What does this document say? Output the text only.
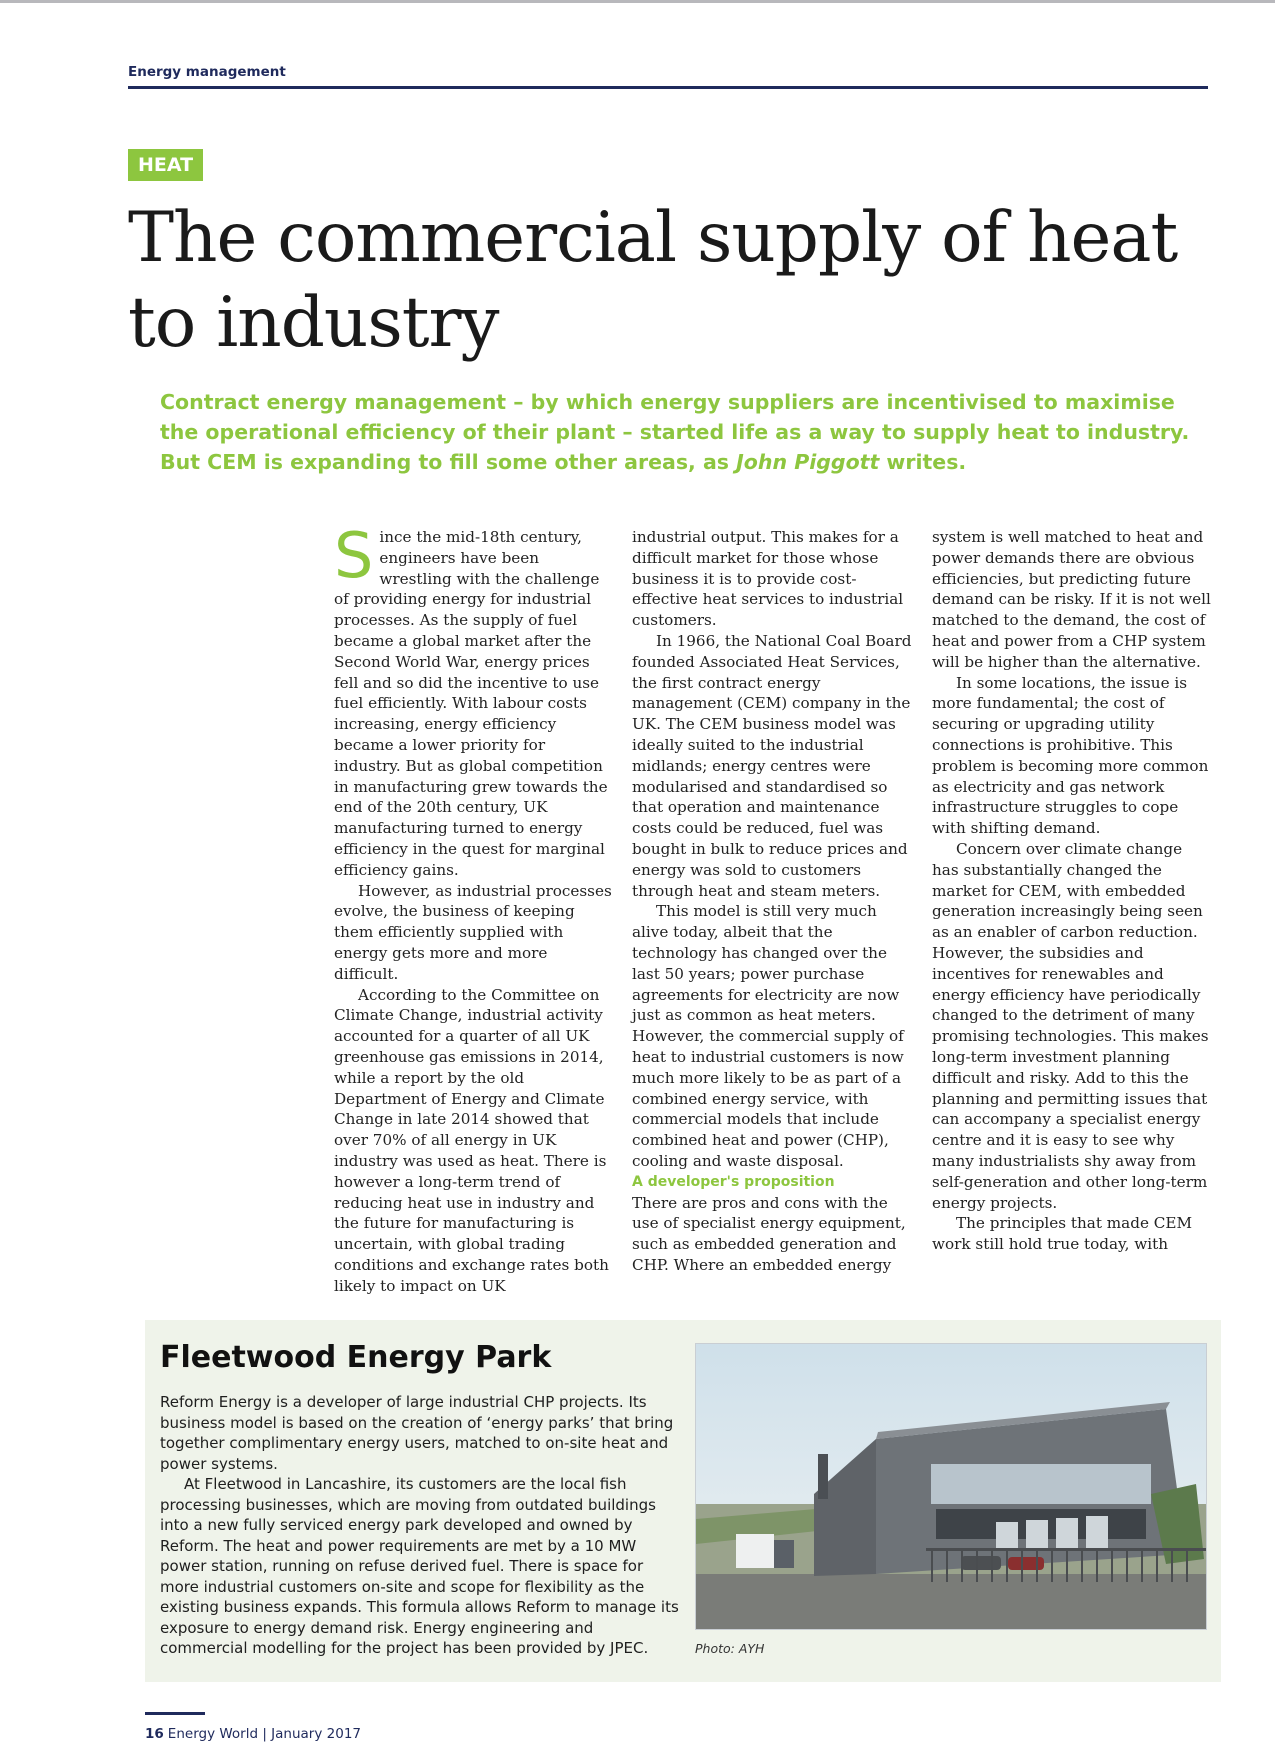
Energy management
HEAT
The commercial supply of heat to industry

Contract energy management – by which energy suppliers are incentivised to maximise the operational efficiency of their plant – started life as a way to supply heat to industry. But CEM is expanding to fill some other areas, as John Piggott writes.

Since the mid-18th century, engineers have been wrestling with the challenge of providing energy for industrial processes. As the supply of fuel became a global market after the Second World War, energy prices fell and so did the incentive to use fuel efficiently. With labour costs increasing, energy efficiency became a lower priority for industry. But as global competition in manufacturing grew towards the end of the 20th century, UK manufacturing turned to energy efficiency in the quest for marginal efficiency gains.

However, as industrial processes evolve, the business of keeping them efficiently supplied with energy gets more and more difficult.

According to the Committee on Climate Change, industrial activity accounted for a quarter of all UK greenhouse gas emissions in 2014, while a report by the old Department of Energy and Climate Change in late 2014 showed that over 70% of all energy in UK industry was used as heat. There is however a long-term trend of reducing heat use in industry and the future for manufacturing is uncertain, with global trading conditions and exchange rates both likely to impact on UK

industrial output. This makes for a difficult market for those whose business it is to provide cost-effective heat services to industrial customers.

In 1966, the National Coal Board founded Associated Heat Services, the first contract energy management (CEM) company in the UK. The CEM business model was ideally suited to the industrial midlands; energy centres were modularised and standardised so that operation and maintenance costs could be reduced, fuel was bought in bulk to reduce prices and energy was sold to customers through heat and steam meters.

This model is still very much alive today, albeit that the technology has changed over the last 50 years; power purchase agreements for electricity are now just as common as heat meters. However, the commercial supply of heat to industrial customers is now much more likely to be as part of a combined energy service, with commercial models that include combined heat and power (CHP), cooling and waste disposal.

A developer's proposition

There are pros and cons with the use of specialist energy equipment, such as embedded generation and CHP. Where an embedded energy

system is well matched to heat and power demands there are obvious efficiencies, but predicting future demand can be risky. If it is not well matched to the demand, the cost of heat and power from a CHP system will be higher than the alternative.

In some locations, the issue is more fundamental; the cost of securing or upgrading utility connections is prohibitive. This problem is becoming more common as electricity and gas network infrastructure struggles to cope with shifting demand.

Concern over climate change has substantially changed the market for CEM, with embedded generation increasingly being seen as an enabler of carbon reduction. However, the subsidies and incentives for renewables and energy efficiency have periodically changed to the detriment of many promising technologies. This makes long-term investment planning difficult and risky. Add to this the planning and permitting issues that can accompany a specialist energy centre and it is easy to see why many industrialists shy away from self-generation and other long-term energy projects.

The principles that made CEM work still hold true today, with

Fleetwood Energy Park

Reform Energy is a developer of large industrial CHP projects. Its business model is based on the creation of ‘energy parks’ that bring together complimentary energy users, matched to on-site heat and power systems.

At Fleetwood in Lancashire, its customers are the local fish processing businesses, which are moving from outdated buildings into a new fully serviced energy park developed and owned by Reform. The heat and power requirements are met by a 10 MW power station, running on refuse derived fuel. There is space for more industrial customers on-site and scope for flexibility as the existing business expands. This formula allows Reform to manage its exposure to energy demand risk. Energy engineering and commercial modelling for the project has been provided by JPEC.	Photo: AYH
16 Energy World | January 2017
